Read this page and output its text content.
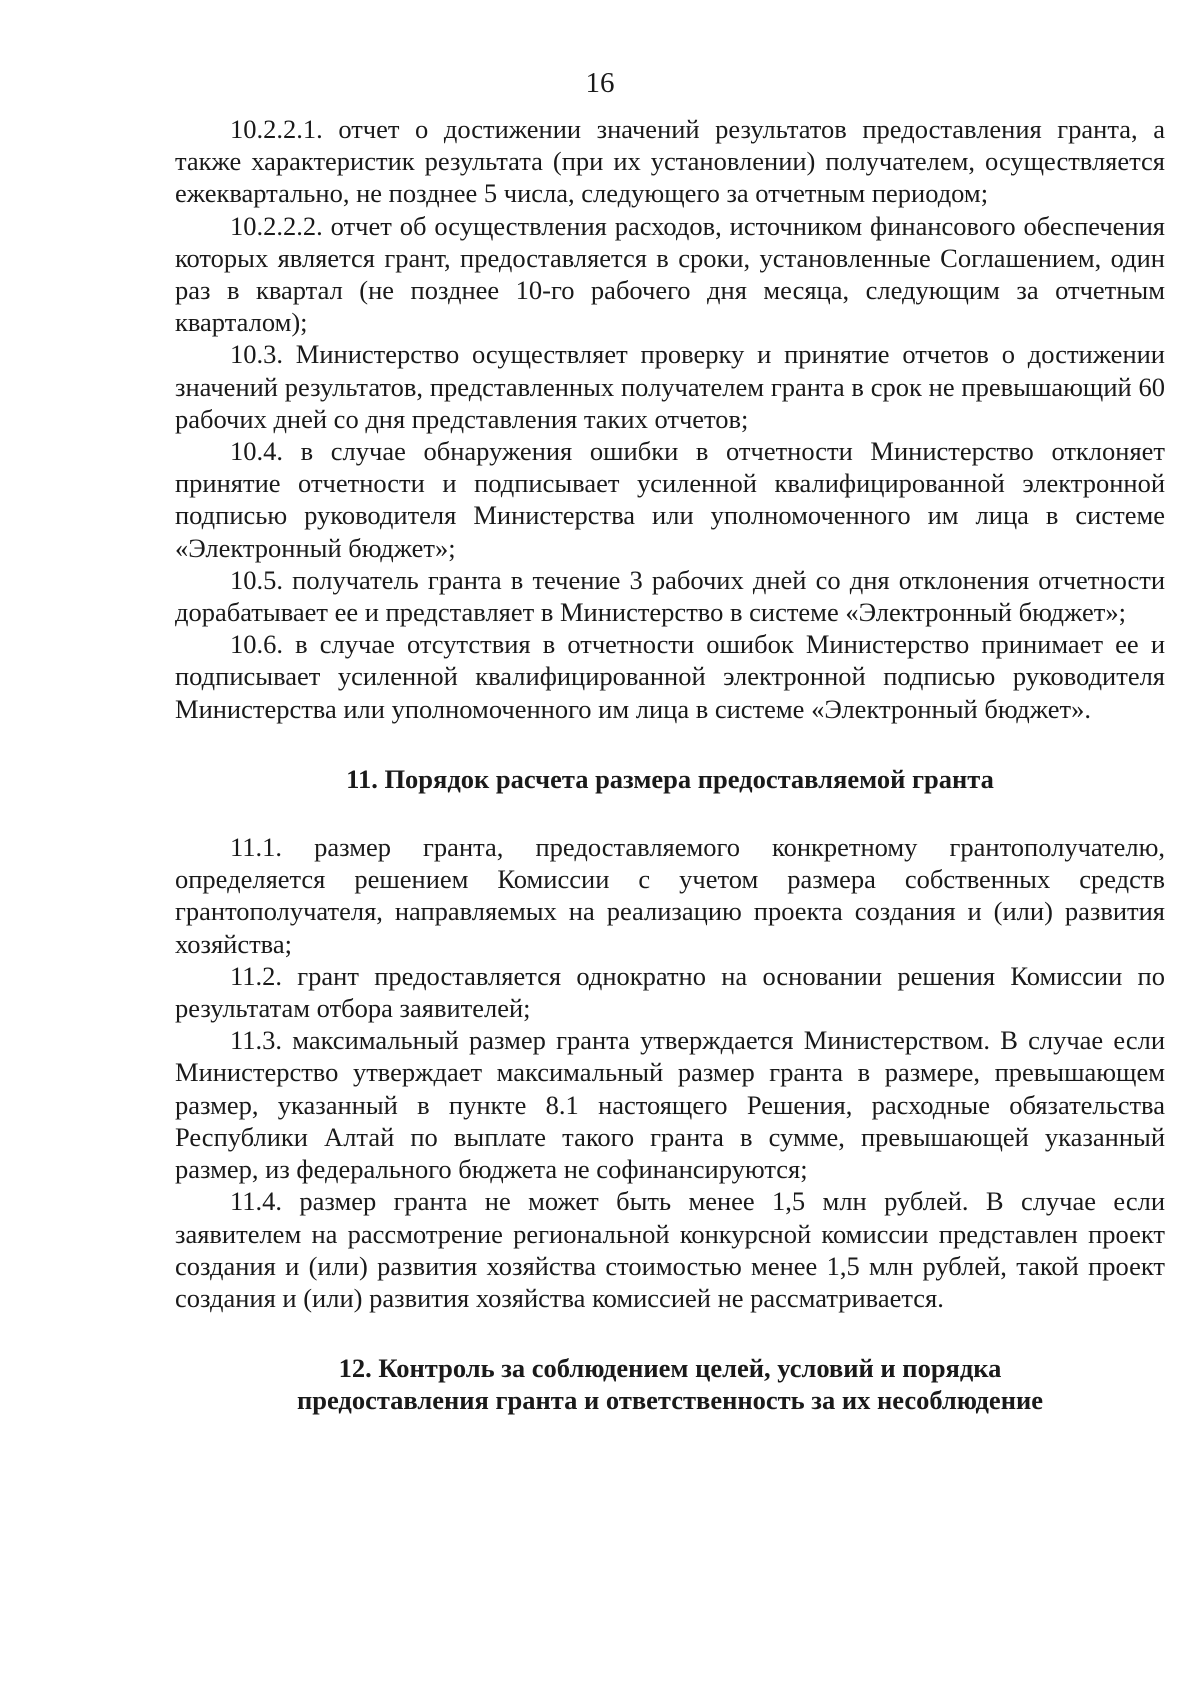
16

10.2.2.1. отчет о достижении значений результатов предоставления гранта, а также характеристик результата (при их установлении) получателем, осуществляется ежеквартально, не позднее 5 числа, следующего за отчетным периодом;

10.2.2.2. отчет об осуществления расходов, источником финансового обеспечения которых является грант, предоставляется в сроки, установленные Соглашением, один раз в квартал (не позднее 10-го рабочего дня месяца, следующим за отчетным кварталом);

10.3. Министерство осуществляет проверку и принятие отчетов о достижении значений результатов, представленных получателем гранта в срок не превышающий 60 рабочих дней со дня представления таких отчетов;

10.4. в случае обнаружения ошибки в отчетности Министерство отклоняет принятие отчетности и подписывает усиленной квалифицированной электронной подписью руководителя Министерства или уполномоченного им лица в системе «Электронный бюджет»;

10.5. получатель гранта в течение 3 рабочих дней со дня отклонения отчетности дорабатывает ее и представляет в Министерство в системе «Электронный бюджет»;

10.6. в случае отсутствия в отчетности ошибок Министерство принимает ее и подписывает усиленной квалифицированной электронной подписью руководителя Министерства или уполномоченного им лица в системе «Электронный бюджет».

11. Порядок расчета размера предоставляемой гранта

11.1. размер гранта, предоставляемого конкретному грантополучателю, определяется решением Комиссии с учетом размера собственных средств грантополучателя, направляемых на реализацию проекта создания и (или) развития хозяйства;

11.2. грант предоставляется однократно на основании решения Комиссии по результатам отбора заявителей;

11.3. максимальный размер гранта утверждается Министерством. В случае если Министерство утверждает максимальный размер гранта в размере, превышающем размер, указанный в пункте 8.1 настоящего Решения, расходные обязательства Республики Алтай по выплате такого гранта в сумме, превышающей указанный размер, из федерального бюджета не софинансируются;

11.4. размер гранта не может быть менее 1,5 млн рублей. В случае если заявителем на рассмотрение региональной конкурсной комиссии представлен проект создания и (или) развития хозяйства стоимостью менее 1,5 млн рублей, такой проект создания и (или) развития хозяйства комиссией не рассматривается.

12. Контроль за соблюдением целей, условий и порядка
предоставления гранта и ответственность за их несоблюдение
